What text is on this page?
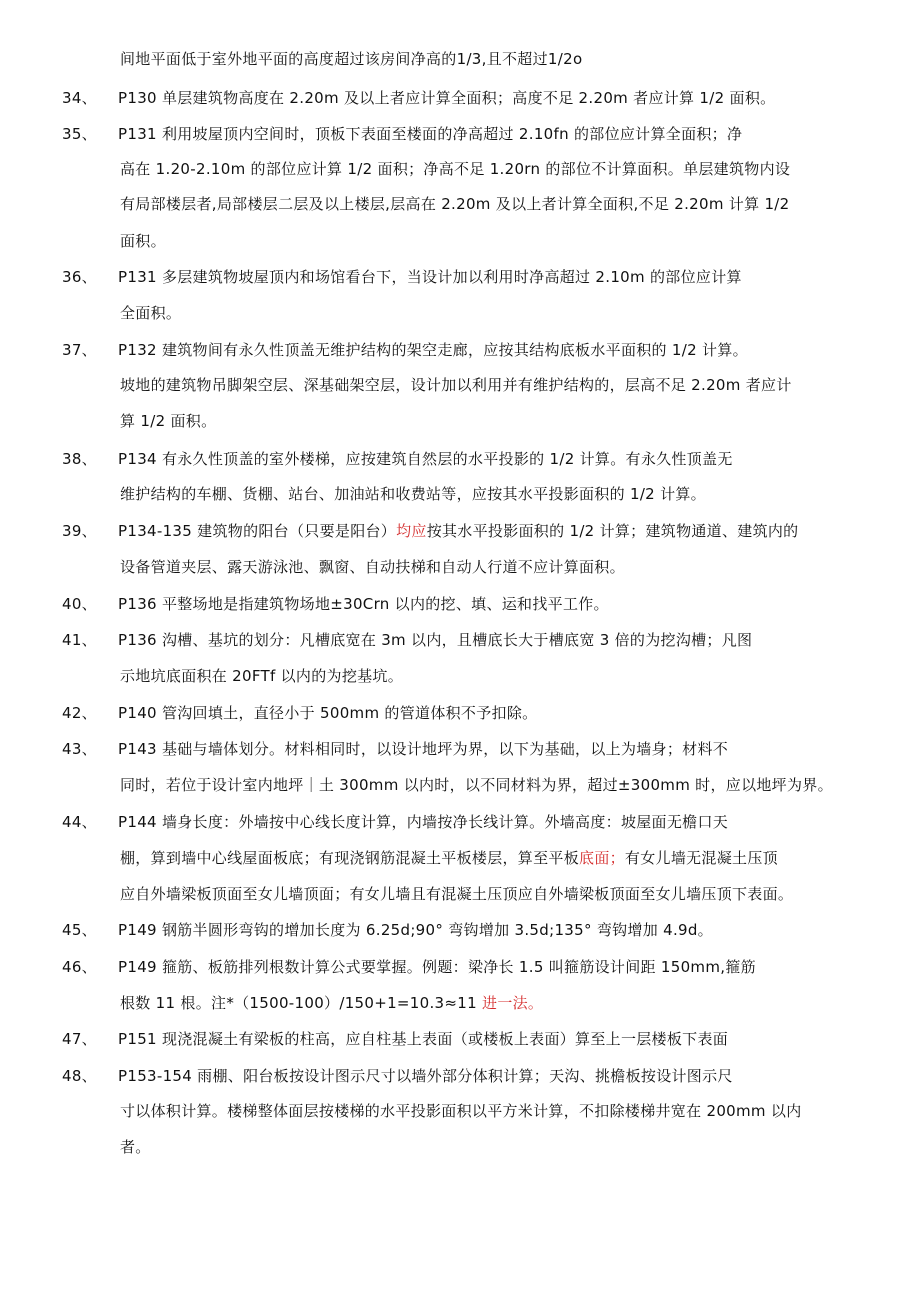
间地平面低于室外地平面的高度超过该房间净高的1/3,且不超过1/2o
34、 P130 单层建筑物高度在 2.20m 及以上者应计算全面积；高度不足 2.20m 者应计算 1/2 面积。
35、 P131 利用坡屋顶内空间时，顶板下表面至楼面的净高超过 2.10fn 的部位应计算全面积；净
高在 1.20-2.10m 的部位应计算 1/2 面积；净高不足 1.20rn 的部位不计算面积。单层建筑物内设
有局部楼层者,局部楼层二层及以上楼层,层高在 2.20m 及以上者计算全面积,不足 2.20m 计算 1/2
面积。
36、 P131 多层建筑物坡屋顶内和场馆看台下，当设计加以利用时净高超过 2.10m 的部位应计算
全面积。
37、 P132 建筑物间有永久性顶盖无维护结构的架空走廊，应按其结构底板水平面积的 1/2 计算。
坡地的建筑物吊脚架空层、深基础架空层，设计加以利用并有维护结构的，层高不足 2.20m 者应计
算 1/2 面积。
38、 P134 有永久性顶盖的室外楼梯，应按建筑自然层的水平投影的 1/2 计算。有永久性顶盖无
维护结构的车棚、货棚、站台、加油站和收费站等，应按其水平投影面积的 1/2 计算。
39、 P134-135 建筑物的阳台（只要是阳台）均应按其水平投影面积的 1/2 计算；建筑物通道、建筑内的
设备管道夹层、露天游泳池、飘窗、自动扶梯和自动人行道不应计算面积。
40、 P136 平整场地是指建筑物场地±30Crn 以内的挖、填、运和找平工作。
41、 P136 沟槽、基坑的划分：凡槽底宽在 3m 以内，且槽底长大于槽底宽 3 倍的为挖沟槽；凡图
示地坑底面积在 20FTf 以内的为挖基坑。
42、 P140 管沟回填土，直径小于 500mm 的管道体积不予扣除。
43、 P143 基础与墙体划分。材料相同时，以设计地坪为界，以下为基础，以上为墙身；材料不
同时，若位于设计室内地坪｜土 300mm 以内时，以不同材料为界，超过±300mm 时，应以地坪为界。
44、 P144 墙身长度：外墙按中心线长度计算，内墙按净长线计算。外墙高度：坡屋面无檐口天
棚，算到墙中心线屋面板底；有现浇钢筋混凝土平板楼层，算至平板底面；有女儿墙无混凝土压顶
应自外墙梁板顶面至女儿墙顶面；有女儿墙且有混凝土压顶应自外墙梁板顶面至女儿墙压顶下表面。
45、 P149 钢筋半圆形弯钩的增加长度为 6.25d;90° 弯钩增加 3.5d;135° 弯钩增加 4.9d。
46、 P149 箍筋、板筋排列根数计算公式要掌握。例题：梁净长 1.5 叫箍筋设计间距 150mm,箍筋
根数 11 根。注*（1500-100）/150+1=10.3≈11 进一法。
47、 P151 现浇混凝土有梁板的柱高，应自柱基上表面（或楼板上表面）算至上一层楼板下表面
48、 P153-154 雨棚、阳台板按设计图示尺寸以墙外部分体积计算；天沟、挑檐板按设计图示尺
寸以体积计算。楼梯整体面层按楼梯的水平投影面积以平方米计算，不扣除楼梯井宽在 200mm 以内
者。
